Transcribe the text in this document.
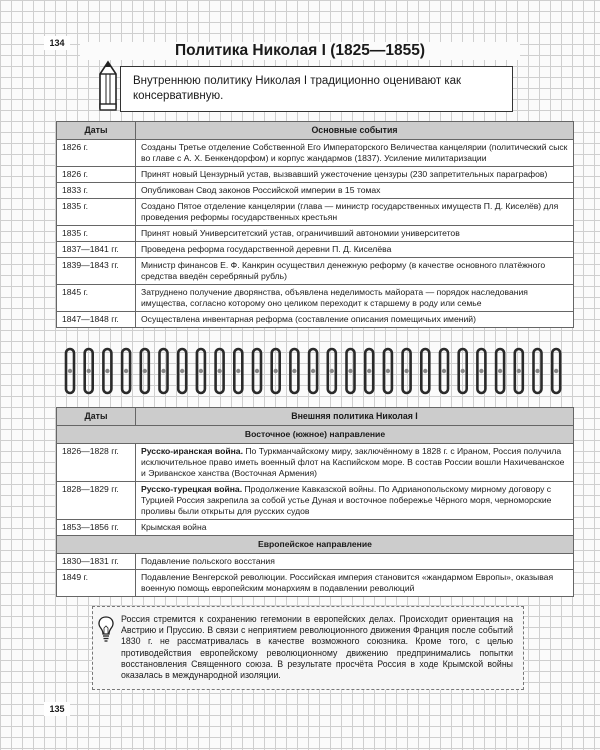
134
135
Политика Николая I (1825—1855)
Внутреннюю политику Николая I традиционно оценивают как консервативную.
Даты	Основные события
1826 г.	Созданы Третье отделение Собственной Его Императорского Величества канцелярии (политический сыск во главе с А. Х. Бенкендорфом) и корпус жандармов (1837). Усиление милитаризации
1826 г.	Принят новый Цензурный устав, вызвавший ужесточение цензуры (230 запретительных параграфов)
1833 г.	Опубликован Свод законов Российской империи в 15 томах
1835 г.	Создано Пятое отделение канцелярии (глава — министр государственных имуществ П. Д. Киселёв) для проведения реформы государственных крестьян
1835 г.	Принят новый Университетский устав, ограничивший автономии университетов
1837—1841 гг.	Проведена реформа государственной деревни П. Д. Киселёва
1839—1843 гг.	Министр финансов Е. Ф. Канкрин осуществил денежную реформу (в качестве основного платёжного средства введён серебряный рубль)
1845 г.	Затруднено получение дворянства, объявлена неделимость майората — порядок наследования имущества, согласно которому оно целиком переходит к старшему в роду или семье
1847—1848 гг.	Осуществлена инвентарная реформа (составление описания помещичьих имений)
Даты	Внешняя политика Николая I
Восточное (южное) направление	
1826—1828 гг.	Русско-иранская война. По Туркманчайскому миру, заключённому в 1828 г. с Ираном, Россия получила исключительное право иметь военный флот на Каспийском море. В состав России вошли Нахичеванское и Эриванское ханства (Восточная Армения)
1828—1829 гг.	Русско-турецкая война. Продолжение Кавказской войны. По Адрианопольскому мирному договору с Турцией Россия закрепила за собой устье Дуная и восточное побережье Чёрного моря, черноморские проливы были открыты для русских судов
1853—1856 гг.	Крымская война
Европейское направление	
1830—1831 гг.	Подавление польского восстания
1849 г.	Подавление Венгерской революции. Российская империя становится «жандармом Европы», оказывая военную помощь европейским монархиям в подавлении революций
Россия стремится к сохранению гегемонии в европейских делах. Происходит ориентация на Австрию и Пруссию. В связи с неприятием революционного движения Франция после событий 1830 г. не рассматривалась в качестве возможного союзника. Кроме того, с целью противодействия европейскому революционному движению предпринимались попытки восстановления Священного союза. В результате просчёта Россия в ходе Крымской войны оказалась в международной изоляции.
